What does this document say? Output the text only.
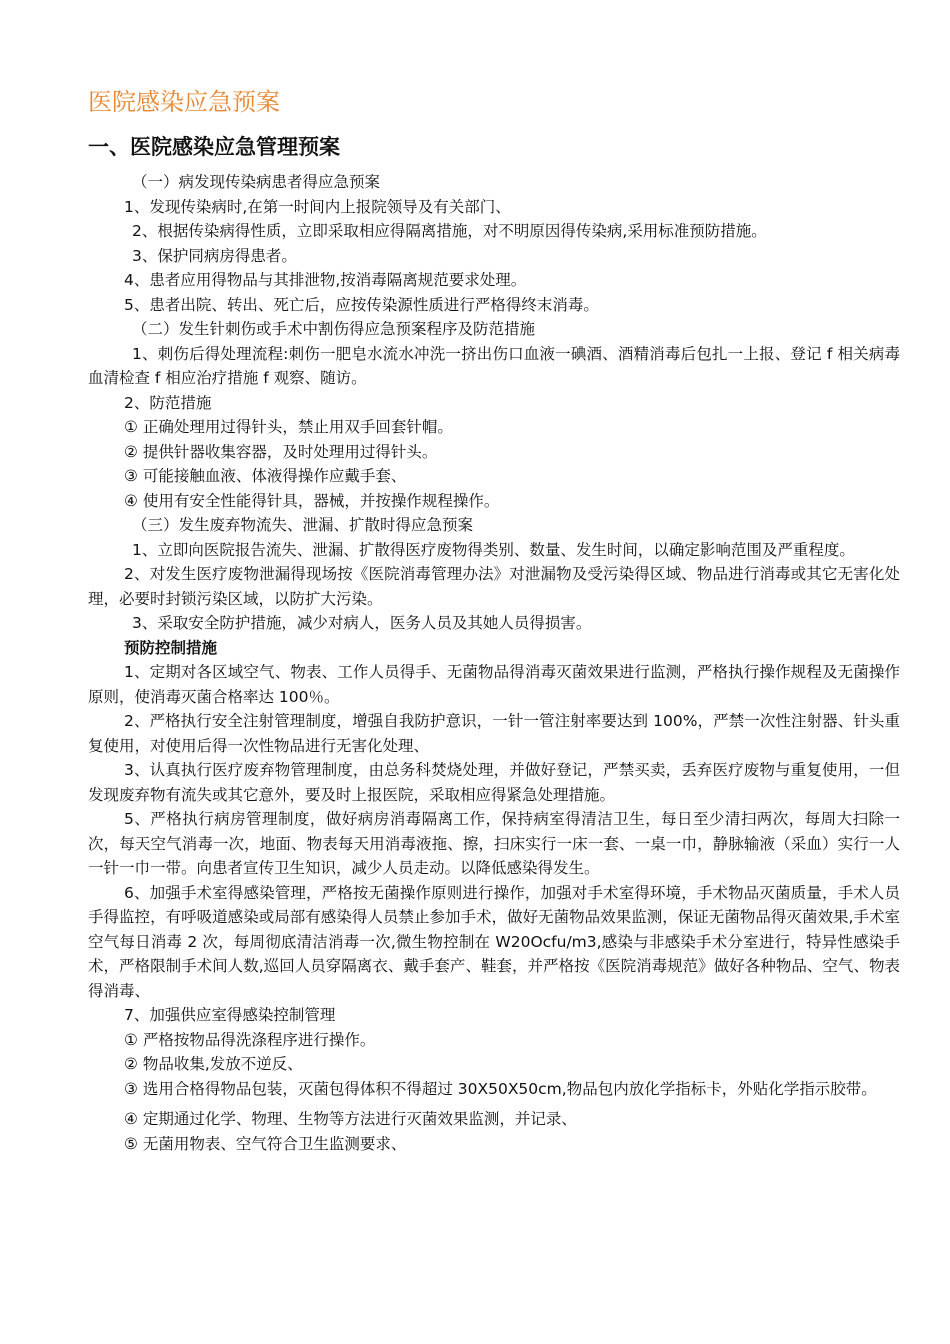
医院感染应急预案
一、医院感染应急管理预案

（一）病发现传染病患者得应急预案

1、发现传染病时,在第一时间内上报院领导及有关部门、

2、根据传染病得性质，立即采取相应得隔离措施，对不明原因得传染病,采用标准预防措施。

3、保护同病房得患者。

4、患者应用得物品与其排泄物,按消毒隔离规范要求处理。

5、患者出院、转出、死亡后，应按传染源性质进行严格得终末消毒。

（二）发生针刺伤或手术中割伤得应急预案程序及防范措施

1、刺伤后得处理流程:刺伤一肥皂水流水冲洗一挤出伤口血液一碘酒、酒精消毒后包扎一上报、登记 f 相关病毒血清检查 f 相应治疗措施 f 观察、随访。

2、防范措施

① 正确处理用过得针头，禁止用双手回套针帽。

② 提供针器收集容器，及时处理用过得针头。

③ 可能接触血液、体液得操作应戴手套、

④ 使用有安全性能得针具，器械，并按操作规程操作。

（三）发生废弃物流失、泄漏、扩散时得应急预案

1、立即向医院报告流失、泄漏、扩散得医疗废物得类别、数量、发生时间，以确定影响范围及严重程度。

2、对发生医疗废物泄漏得现场按《医院消毒管理办法》对泄漏物及受污染得区域、物品进行消毒或其它无害化处理，必要时封锁污染区域，以防扩大污染。

3、采取安全防护措施，减少对病人，医务人员及其她人员得损害。

预防控制措施

1、定期对各区域空气、物表、工作人员得手、无菌物品得消毒灭菌效果进行监测，严格执行操作规程及无菌操作原则，使消毒灭菌合格率达 100％。

2、严格执行安全注射管理制度，增强自我防护意识，一针一管注射率要达到 100%，严禁一次性注射器、针头重复使用，对使用后得一次性物品进行无害化处理、

3、认真执行医疗废弃物管理制度，由总务科焚烧处理，并做好登记，严禁买卖，丢弃医疗废物与重复使用，一但发现废弃物有流失或其它意外，要及时上报医院，采取相应得紧急处理措施。

5、严格执行病房管理制度，做好病房消毒隔离工作，保持病室得清洁卫生，每日至少清扫两次，每周大扫除一次，每天空气消毒一次，地面、物表每天用消毒液拖、擦，扫床实行一床一套、一桌一巾，静脉输液（采血）实行一人一针一巾一带。向患者宣传卫生知识，减少人员走动。以降低感染得发生。

6、加强手术室得感染管理，严格按无菌操作原则进行操作，加强对手术室得环境，手术物品灭菌质量，手术人员手得监控，有呼吸道感染或局部有感染得人员禁止参加手术，做好无菌物品效果监测，保证无菌物品得灭菌效果,手术室空气每日消毒 2 次，每周彻底清洁消毒一次,微生物控制在 W20Ocfu/m3,感染与非感染手术分室进行，特异性感染手术，严格限制手术间人数,巡回人员穿隔离衣、戴手套产、鞋套，并严格按《医院消毒规范》做好各种物品、空气、物表得消毒、

7、加强供应室得感染控制管理

① 严格按物品得洗涤程序进行操作。

② 物品收集,发放不逆反、

③ 选用合格得物品包装，灭菌包得体积不得超过 30X50X50cm,物品包内放化学指标卡，外贴化学指示胶带。

④ 定期通过化学、物理、生物等方法进行灭菌效果监测，并记录、

⑤ 无菌用物表、空气符合卫生监测要求、
